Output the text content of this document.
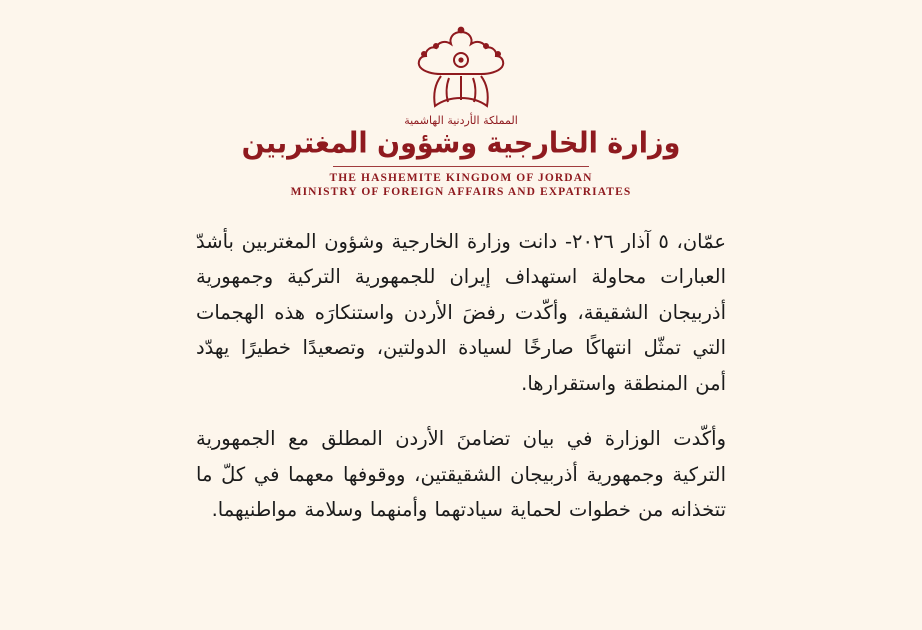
المملكة الأردنية الهاشمية
وزارة الخارجية وشؤون المغتربين
THE HASHEMITE KINGDOM OF JORDAN
MINISTRY OF FOREIGN AFFAIRS AND EXPATRIATES

عمّان، ٥ آذار ٢٠٢٦- دانت وزارة الخارجية وشؤون المغتربين بأشدّ العبارات محاولة استهداف إيران للجمهورية التركية وجمهورية أذربيجان الشقيقة، وأكّدت رفضَ الأردن واستنكارَه هذه الهجمات التي تمثّل انتهاكًا صارخًا لسيادة الدولتين، وتصعيدًا خطيرًا يهدّد أمن المنطقة واستقرارها.

وأكّدت الوزارة في بيان تضامنَ الأردن المطلق مع الجمهورية التركية وجمهورية أذربيجان الشقيقتين، ووقوفها معهما في كلّ ما تتخذانه من خطوات لحماية سيادتهما وأمنهما وسلامة مواطنيهما.
